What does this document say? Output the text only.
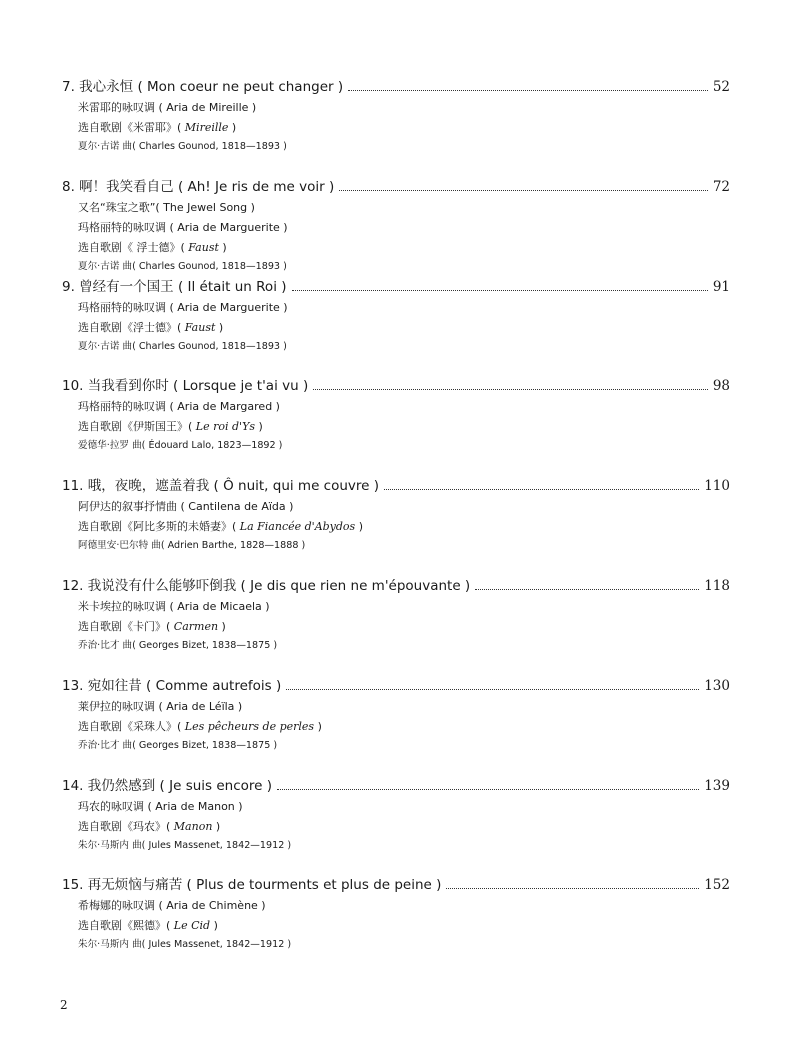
7. 我心永恒 ( Mon coeur ne peut changer )	52
米雷耶的咏叹调 ( Aria de Mireille )
选自歌剧《米雷耶》( Mireille )
夏尔·古诺 曲( Charles Gounod, 1818—1893 )
8. 啊！我笑看自己 ( Ah! Je ris de me voir )	72
又名“珠宝之歌”( The Jewel Song )
玛格丽特的咏叹调 ( Aria de Marguerite )
选自歌剧《 浮士德》( Faust )
夏尔·古诺 曲( Charles Gounod, 1818—1893 )
9. 曾经有一个国王 ( Il était un Roi )	91
玛格丽特的咏叹调 ( Aria de Marguerite )
选自歌剧《浮士德》( Faust )
夏尔·古诺 曲( Charles Gounod, 1818—1893 )
10. 当我看到你时 ( Lorsque je t'ai vu )	98
玛格丽特的咏叹调 ( Aria de Margared )
选自歌剧《伊斯国王》( Le roi d'Ys )
爱德华·拉罗 曲( Édouard Lalo, 1823—1892 )
11. 哦，夜晚，遮盖着我 ( Ô nuit, qui me couvre )	110
阿伊达的叙事抒情曲 ( Cantilena de Aïda )
选自歌剧《阿比多斯的未婚妻》( La Fiancée d'Abydos )
阿德里安·巴尔特 曲( Adrien Barthe, 1828—1888 )
12. 我说没有什么能够吓倒我 ( Je dis que rien ne m'épouvante )	118
米卡埃拉的咏叹调 ( Aria de Micaela )
选自歌剧《卡门》( Carmen )
乔治·比才 曲( Georges Bizet, 1838—1875 )
13. 宛如往昔 ( Comme autrefois )	130
莱伊拉的咏叹调 ( Aria de Léïla )
选自歌剧《采珠人》( Les pêcheurs de perles )
乔治·比才 曲( Georges Bizet, 1838—1875 )
14. 我仍然感到 ( Je suis encore )	139
玛农的咏叹调 ( Aria de Manon )
选自歌剧《玛农》( Manon )
朱尔·马斯内 曲( Jules Massenet, 1842—1912 )
15. 再无烦恼与痛苦 ( Plus de tourments et plus de peine )	152
希梅娜的咏叹调 ( Aria de Chimène )
选自歌剧《熙德》( Le Cid )
朱尔·马斯内 曲( Jules Massenet, 1842—1912 )
2
